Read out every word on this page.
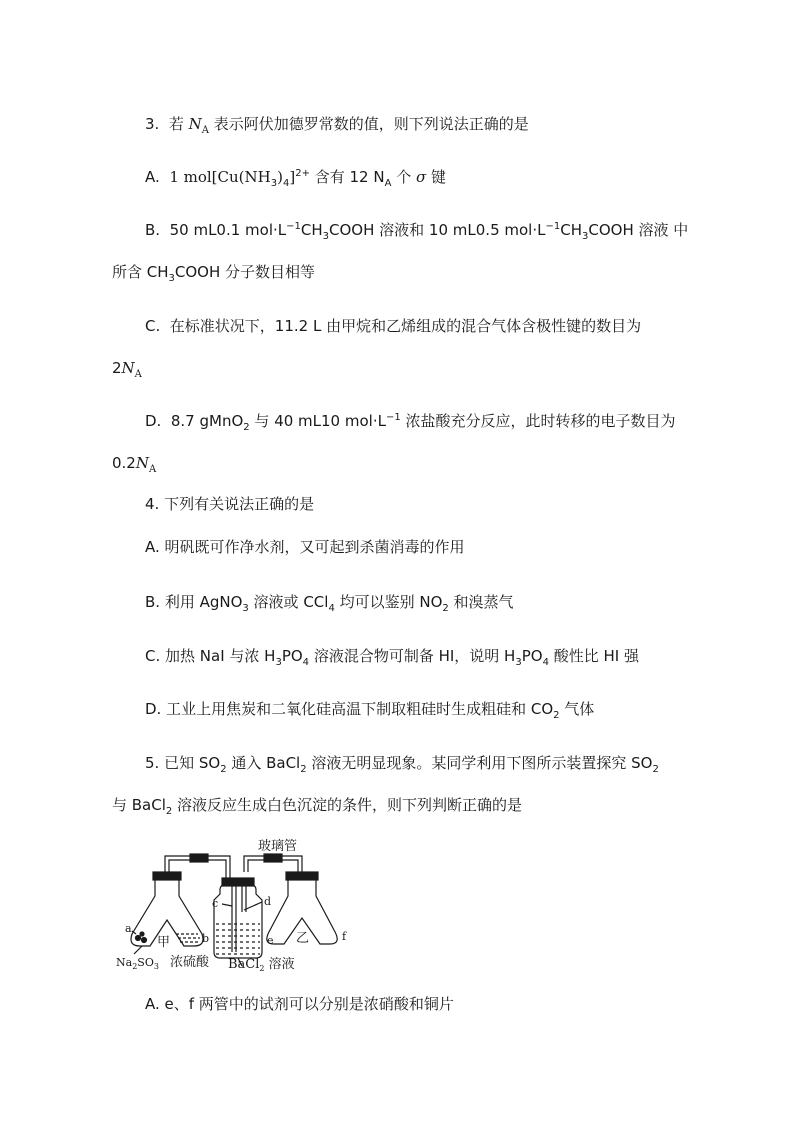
3. 若 $N_A$ 表示阿伏加德罗常数的值，则下列说法正确的是
A. 1 $mol[Cu(NH_3)_4]^{2+}$ 含有 12 $N_A$ 个 σ 键
B. 50 mL0.1 $mol\cdot L^{-1}CH_3COOH$ 溶液和 10 mL0.5 $mol\cdot L^{-1}CH_3COOH$ 溶液 中
所含 $CH_3COOH$ 分子数目相等
C. 在标准状况下，11.2 L 由甲烷和乙烯组成的混合气体含极性键的数目为
$2N_A$
D. 8.7 gMnO$_2$ 与 40 mL10 $mol\cdot L^{-1}$ 浓盐酸充分反应，此时转移的电子数目为
$0.2N_A$
4. 下列有关说法正确的是
A. 明矾既可作净水剂，又可起到杀菌消毒的作用
B. 利用 AgNO$_3$ 溶液或 CCl$_4$ 均可以鉴别 $NO_2$ 和溴蒸气
C. 加热 NaI 与浓 $H_3PO_4$ 溶液混合物可制备 HI，说明 $H_3PO_4$ 酸性比 HI 强
D. 工业上用焦炭和二氧化硅高温下制取粗硅时生成粗硅和 $CO_2$ 气体
5. 已知 $SO_2$ 通入 BaCl$_2$ 溶液无明显现象。某同学利用下图所示装置探究 $SO_2$
与 BaCl$_2$ 溶液反应生成白色沉淀的条件，则下列判断正确的是
玻璃管
a
b
c	d
e	f
甲	乙
$Na_2SO_3$ 浓硫酸 BaCl$_2$ 溶液
A. e、f 两管中的试剂可以分别是浓硝酸和铜片
